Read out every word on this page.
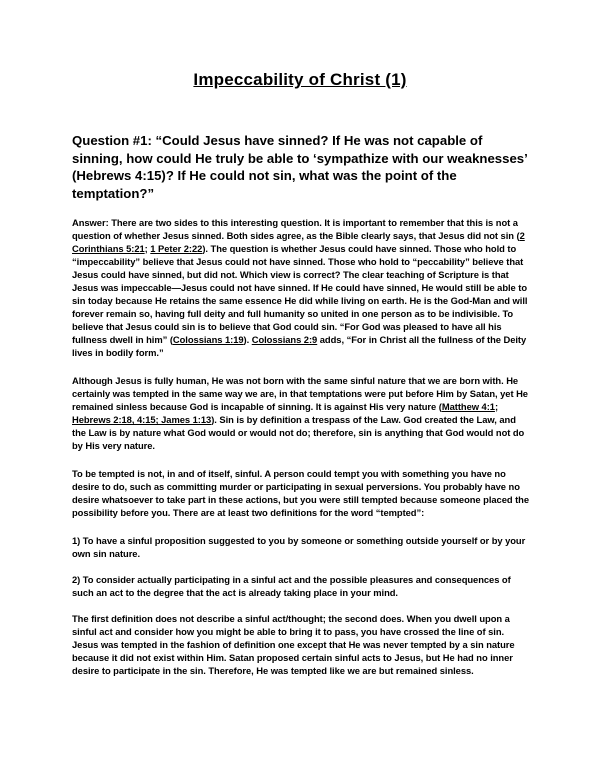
Impeccability of Christ (1)

Question #1: “Could Jesus have sinned? If He was not capable of sinning, how could He truly be able to ‘sympathize with our weaknesses’ (Hebrews 4:15)? If He could not sin, what was the point of the temptation?”

Answer: There are two sides to this interesting question. It is important to remember that this is not a question of whether Jesus sinned. Both sides agree, as the Bible clearly says, that Jesus did not sin (2 Corinthians 5:21; 1 Peter 2:22). The question is whether Jesus could have sinned. Those who hold to “impeccability” believe that Jesus could not have sinned. Those who hold to “peccability” believe that Jesus could have sinned, but did not. Which view is correct? The clear teaching of Scripture is that Jesus was impeccable—Jesus could not have sinned. If He could have sinned, He would still be able to sin today because He retains the same essence He did while living on earth. He is the God-Man and will forever remain so, having full deity and full humanity so united in one person as to be indivisible. To believe that Jesus could sin is to believe that God could sin. “For God was pleased to have all his fullness dwell in him” (Colossians 1:19). Colossians 2:9 adds, “For in Christ all the fullness of the Deity lives in bodily form.”

Although Jesus is fully human, He was not born with the same sinful nature that we are born with. He certainly was tempted in the same way we are, in that temptations were put before Him by Satan, yet He remained sinless because God is incapable of sinning. It is against His very nature (Matthew 4:1; Hebrews 2:18, 4:15; James 1:13). Sin is by definition a trespass of the Law. God created the Law, and the Law is by nature what God would or would not do; therefore, sin is anything that God would not do by His very nature.

To be tempted is not, in and of itself, sinful. A person could tempt you with something you have no desire to do, such as committing murder or participating in sexual perversions. You probably have no desire whatsoever to take part in these actions, but you were still tempted because someone placed the possibility before you. There are at least two definitions for the word “tempted”:

1) To have a sinful proposition suggested to you by someone or something outside yourself or by your own sin nature.

2) To consider actually participating in a sinful act and the possible pleasures and consequences of such an act to the degree that the act is already taking place in your mind.

The first definition does not describe a sinful act/thought; the second does. When you dwell upon a sinful act and consider how you might be able to bring it to pass, you have crossed the line of sin. Jesus was tempted in the fashion of definition one except that He was never tempted by a sin nature because it did not exist within Him. Satan proposed certain sinful acts to Jesus, but He had no inner desire to participate in the sin. Therefore, He was tempted like we are but remained sinless.
